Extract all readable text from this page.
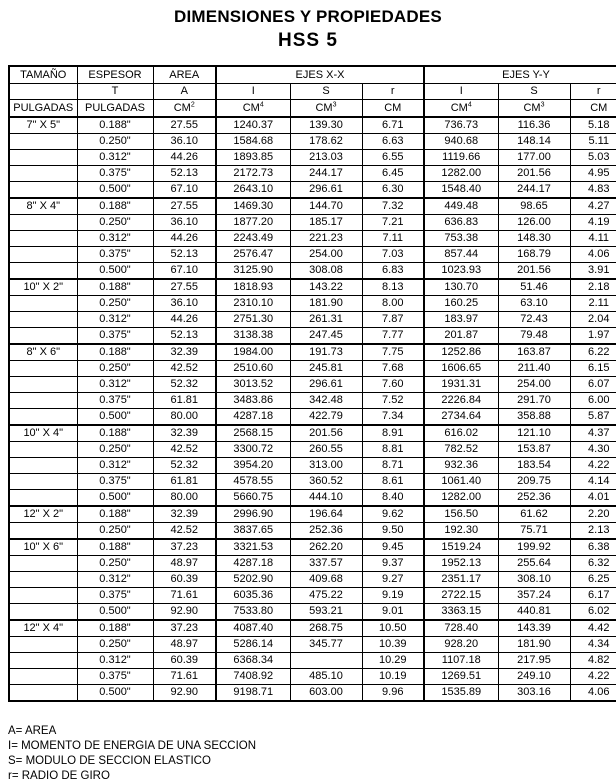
DIMENSIONES Y PROPIEDADES
HSS 5
TAMAÑO	ESPESOR	AREA	EJES X-X			EJES Y-Y		
	T	A	I	S	r	I	S	r
PULGADAS	PULGADAS	$CM^2$	$CM^4$	$CM^3$	CM	$CM^4$	$CM^3$	CM
7" X 5"	0.188"	27.55	1240.37	139.30	6.71	736.73	116.36	5.18
	0.250"	36.10	1584.68	178.62	6.63	940.68	148.14	5.11
	0.312"	44.26	1893.85	213.03	6.55	1119.66	177.00	5.03
	0.375"	52.13	2172.73	244.17	6.45	1282.00	201.56	4.95
	0.500"	67.10	2643.10	296.61	6.30	1548.40	244.17	4.83
8" X 4"	0.188"	27.55	1469.30	144.70	7.32	449.48	98.65	4.27
	0.250"	36.10	1877.20	185.17	7.21	636.83	126.00	4.19
	0.312"	44.26	2243.49	221.23	7.11	753.38	148.30	4.11
	0.375"	52.13	2576.47	254.00	7.03	857.44	168.79	4.06
	0.500"	67.10	3125.90	308.08	6.83	1023.93	201.56	3.91
10" X 2"	0.188"	27.55	1818.93	143.22	8.13	130.70	51.46	2.18
	0.250"	36.10	2310.10	181.90	8.00	160.25	63.10	2.11
	0.312"	44.26	2751.30	261.31	7.87	183.97	72.43	2.04
	0.375"	52.13	3138.38	247.45	7.77	201.87	79.48	1.97
8" X 6"	0.188"	32.39	1984.00	191.73	7.75	1252.86	163.87	6.22
	0.250"	42.52	2510.60	245.81	7.68	1606.65	211.40	6.15
	0.312"	52.32	3013.52	296.61	7.60	1931.31	254.00	6.07
	0.375"	61.81	3483.86	342.48	7.52	2226.84	291.70	6.00
	0.500"	80.00	4287.18	422.79	7.34	2734.64	358.88	5.87
10" X 4"	0.188"	32.39	2568.15	201.56	8.91	616.02	121.10	4.37
	0.250"	42.52	3300.72	260.55	8.81	782.52	153.87	4.30
	0.312"	52.32	3954.20	313.00	8.71	932.36	183.54	4.22
	0.375"	61.81	4578.55	360.52	8.61	1061.40	209.75	4.14
	0.500"	80.00	5660.75	444.10	8.40	1282.00	252.36	4.01
12" X 2"	0.188"	32.39	2996.90	196.64	9.62	156.50	61.62	2.20
	0.250"	42.52	3837.65	252.36	9.50	192.30	75.71	2.13
10" X 6"	0.188"	37.23	3321.53	262.20	9.45	1519.24	199.92	6.38
	0.250"	48.97	4287.18	337.57	9.37	1952.13	255.64	6.32
	0.312"	60.39	5202.90	409.68	9.27	2351.17	308.10	6.25
	0.375"	71.61	6035.36	475.22	9.19	2722.15	357.24	6.17
	0.500"	92.90	7533.80	593.21	9.01	3363.15	440.81	6.02
12" X 4"	0.188"	37.23	4087.40	268.75	10.50	728.40	143.39	4.42
	0.250"	48.97	5286.14	345.77	10.39	928.20	181.90	4.34
	0.312"	60.39	6368.34		10.29	1107.18	217.95	4.82
	0.375"	71.61	7408.92	485.10	10.19	1269.51	249.10	4.22
	0.500"	92.90	9198.71	603.00	9.96	1535.89	303.16	4.06
A= AREA
I= MOMENTO DE ENERGIA DE UNA SECCION
S= MODULO DE SECCION ELASTICO
r= RADIO DE GIRO
